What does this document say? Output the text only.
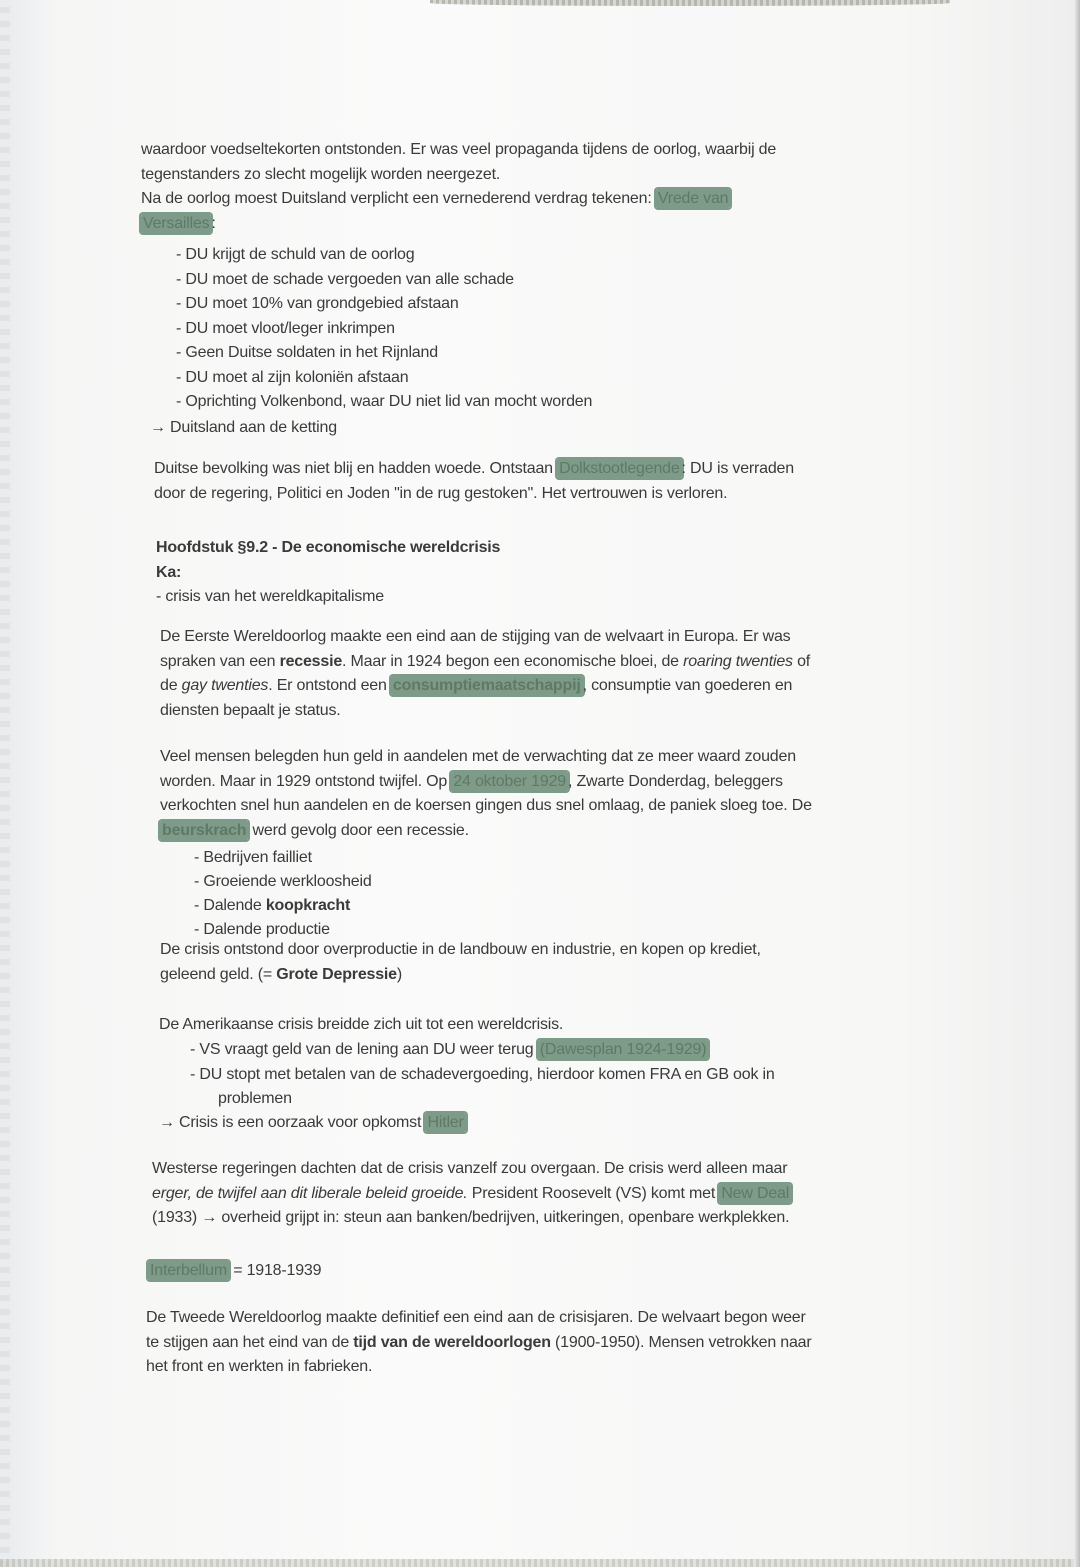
waardoor voedseltekorten ontstonden. Er was veel propaganda tijdens de oorlog, waarbij de
tegenstanders zo slecht mogelijk worden neergezet.
Na de oorlog moest Duitsland verplicht een vernederend verdrag tekenen: Vrede van
Versailles :
- DU krijgt de schuld van de oorlog
- DU moet de schade vergoeden van alle schade
- DU moet 10% van grondgebied afstaan
- DU moet vloot/leger inkrimpen
- Geen Duitse soldaten in het Rijnland
- DU moet al zijn koloniën afstaan
- Oprichting Volkenbond, waar DU niet lid van mocht worden
→ Duitsland aan de ketting
Duitse bevolking was niet blij en hadden woede. Ontstaan Dolkstootlegende : DU is verraden
door de regering, Politici en Joden "in de rug gestoken". Het vertrouwen is verloren.
Hoofdstuk §9.2 - De economische wereldcrisis
Ka:
- crisis van het wereldkapitalisme
De Eerste Wereldoorlog maakte een eind aan de stijging van de welvaart in Europa. Er was
spraken van een recessie. Maar in 1924 begon een economische bloei, de roaring twenties of
de gay twenties. Er ontstond een consumptiemaatschappij , consumptie van goederen en
diensten bepaalt je status.
Veel mensen belegden hun geld in aandelen met de verwachting dat ze meer waard zouden
worden. Maar in 1929 ontstond twijfel. Op 24 oktober 1929 , Zwarte Donderdag, beleggers
verkochten snel hun aandelen en de koersen gingen dus snel omlaag, de paniek sloeg toe. De
beurskrach werd gevolg door een recessie.
- Bedrijven failliet
- Groeiende werkloosheid
- Dalende koopkracht
- Dalende productie
De crisis ontstond door overproductie in de landbouw en industrie, en kopen op krediet,
geleend geld. (= Grote Depressie)
De Amerikaanse crisis breidde zich uit tot een wereldcrisis.
- VS vraagt geld van de lening aan DU weer terug (Dawesplan 1924-1929)
- DU stopt met betalen van de schadevergoeding, hierdoor komen FRA en GB ook in
problemen
→ Crisis is een oorzaak voor opkomst Hitler
Westerse regeringen dachten dat de crisis vanzelf zou overgaan. De crisis werd alleen maar
erger, de twijfel aan dit liberale beleid groeide. President Roosevelt (VS) komt met New Deal
(1933) → overheid grijpt in: steun aan banken/bedrijven, uitkeringen, openbare werkplekken.
Interbellum = 1918-1939
De Tweede Wereldoorlog maakte definitief een eind aan de crisisjaren. De welvaart begon weer
te stijgen aan het eind van de tijd van de wereldoorlogen (1900-1950). Mensen vetrokken naar
het front en werkten in fabrieken.
